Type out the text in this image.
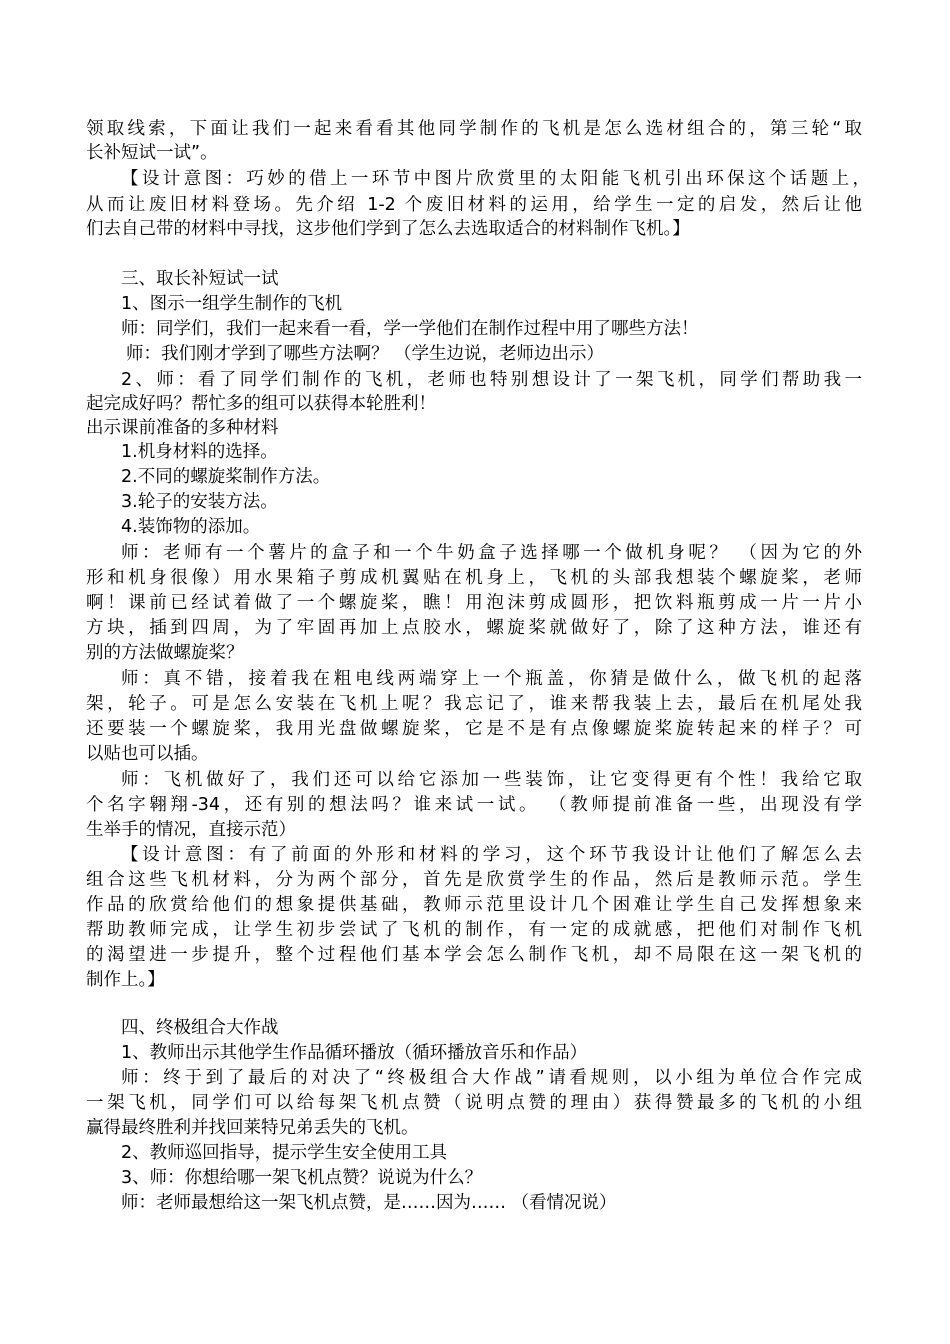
领取线索，下面让我们一起来看看其他同学制作的飞机是怎么选材组合的，第三轮“取
长补短试一试”。
【设计意图：巧妙的借上一环节中图片欣赏里的太阳能飞机引出环保这个话题上，
从而让废旧材料登场。先介绍 1-2 个废旧材料的运用，给学生一定的启发，然后让他
们去自己带的材料中寻找，这步他们学到了怎么去选取适合的材料制作飞机。】
三、取长补短试一试
1、图示一组学生制作的飞机
师：同学们，我们一起来看一看，学一学他们在制作过程中用了哪些方法！
师：我们刚才学到了哪些方法啊？ （学生边说，老师边出示）
2、师：看了同学们制作的飞机，老师也特别想设计了一架飞机，同学们帮助我一
起完成好吗？帮忙多的组可以获得本轮胜利！
出示课前准备的多种材料
1.机身材料的选择。
2.不同的螺旋桨制作方法。
3.轮子的安装方法。
4.装饰物的添加。
师：老师有一个薯片的盒子和一个牛奶盒子选择哪一个做机身呢？ （因为它的外
形和机身很像）用水果箱子剪成机翼贴在机身上，飞机的头部我想装个螺旋桨，老师
啊！课前已经试着做了一个螺旋桨，瞧！用泡沫剪成圆形，把饮料瓶剪成一片一片小
方块，插到四周，为了牢固再加上点胶水，螺旋桨就做好了，除了这种方法，谁还有
别的方法做螺旋桨？
师：真不错，接着我在粗电线两端穿上一个瓶盖，你猜是做什么，做飞机的起落
架，轮子。可是怎么安装在飞机上呢？我忘记了，谁来帮我装上去，最后在机尾处我
还要装一个螺旋桨，我用光盘做螺旋桨，它是不是有点像螺旋桨旋转起来的样子？可
以贴也可以插。
师：飞机做好了，我们还可以给它添加一些装饰，让它变得更有个性！我给它取
个名字翱翔-34，还有别的想法吗？谁来试一试。 （教师提前准备一些，出现没有学
生举手的情况，直接示范）
【设计意图：有了前面的外形和材料的学习，这个环节我设计让他们了解怎么去
组合这些飞机材料，分为两个部分，首先是欣赏学生的作品，然后是教师示范。学生
作品的欣赏给他们的想象提供基础，教师示范里设计几个困难让学生自己发挥想象来
帮助教师完成，让学生初步尝试了飞机的制作，有一定的成就感，把他们对制作飞机
的渴望进一步提升，整个过程他们基本学会怎么制作飞机，却不局限在这一架飞机的
制作上。】
四、终极组合大作战
1、教师出示其他学生作品循环播放（循环播放音乐和作品）
师：终于到了最后的对决了“终极组合大作战”请看规则，以小组为单位合作完成
一架飞机，同学们可以给每架飞机点赞（说明点赞的理由）获得赞最多的飞机的小组
赢得最终胜利并找回莱特兄弟丢失的飞机。
2、教师巡回指导，提示学生安全使用工具
3、师：你想给哪一架飞机点赞？说说为什么？
师：老师最想给这一架飞机点赞，是……因为…… （看情况说）
